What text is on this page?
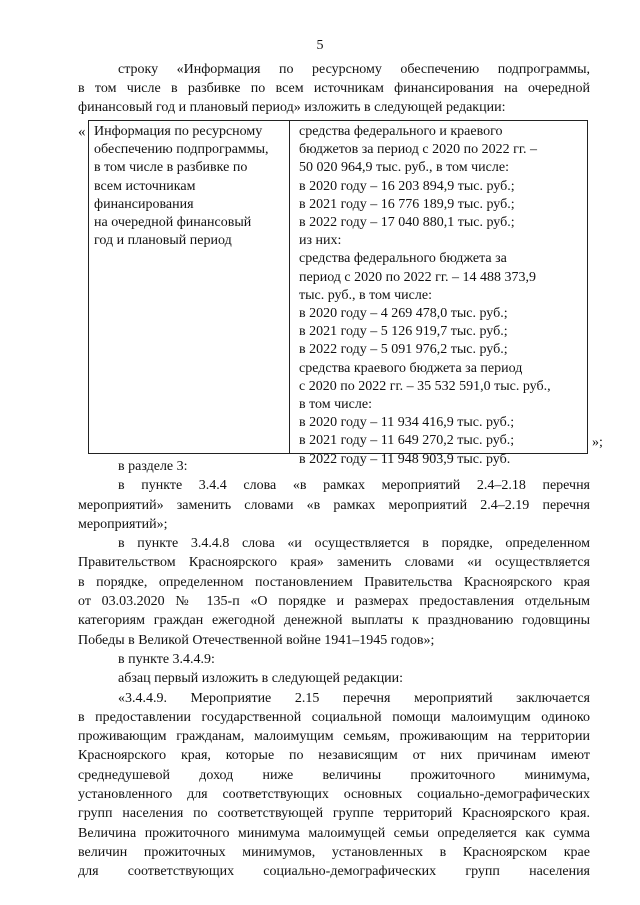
5
строку «Информация по ресурсному обеспечению подпрограммы,
в том числе в разбивке по всем источникам финансирования на очередной
финансовый год и плановый период» изложить в следующей редакции:
« Информация по ресурсному
обеспечению подпрограммы,
в том числе в разбивке по
всем источникам
финансирования
на очередной финансовый
год и плановый период
средства федерального и краевого
бюджетов за период с 2020 по 2022 гг. –
50 020 964,9 тыс. руб., в том числе:
в 2020 году – 16 203 894,9 тыс. руб.;
в 2021 году – 16 776 189,9 тыс. руб.;
в 2022 году – 17 040 880,1 тыс. руб.;
из них:
средства федерального бюджета за
период с 2020 по 2022 гг. – 14 488 373,9
тыс. руб., в том числе:
в 2020 году – 4 269 478,0 тыс. руб.;
в 2021 году – 5 126 919,7 тыс. руб.;
в 2022 году – 5 091 976,2 тыс. руб.;
средства краевого бюджета за период
с 2020 по 2022 гг. – 35 532 591,0 тыс. руб.,
в том числе:
в 2020 году – 11 934 416,9 тыс. руб.;
в 2021 году – 11 649 270,2 тыс. руб.;
в 2022 году – 11 948 903,9 тыс. руб.
»;
в разделе 3:
в пункте 3.4.4 слова «в рамках мероприятий 2.4–2.18 перечня
мероприятий» заменить словами «в рамках мероприятий 2.4–2.19 перечня
мероприятий»;
в пункте 3.4.4.8 слова «и осуществляется в порядке, определенном
Правительством Красноярского края» заменить словами «и осуществляется
в порядке, определенном постановлением Правительства Красноярского края
от 03.03.2020 № 135-п «О порядке и размерах предоставления отдельным
категориям граждан ежегодной денежной выплаты к празднованию годовщины
Победы в Великой Отечественной войне 1941–1945 годов»;
в пункте 3.4.4.9:
абзац первый изложить в следующей редакции:
«3.4.4.9. Мероприятие 2.15 перечня мероприятий заключается
в предоставлении государственной социальной помощи малоимущим одиноко
проживающим гражданам, малоимущим семьям, проживающим на территории
Красноярского края, которые по независящим от них причинам имеют
среднедушевой доход ниже величины прожиточного минимума,
установленного для соответствующих основных социально-демографических
групп населения по соответствующей группе территорий Красноярского края.
Величина прожиточного минимума малоимущей семьи определяется как сумма
величин прожиточных минимумов, установленных в Красноярском крае
для соответствующих социально-демографических групп населения
